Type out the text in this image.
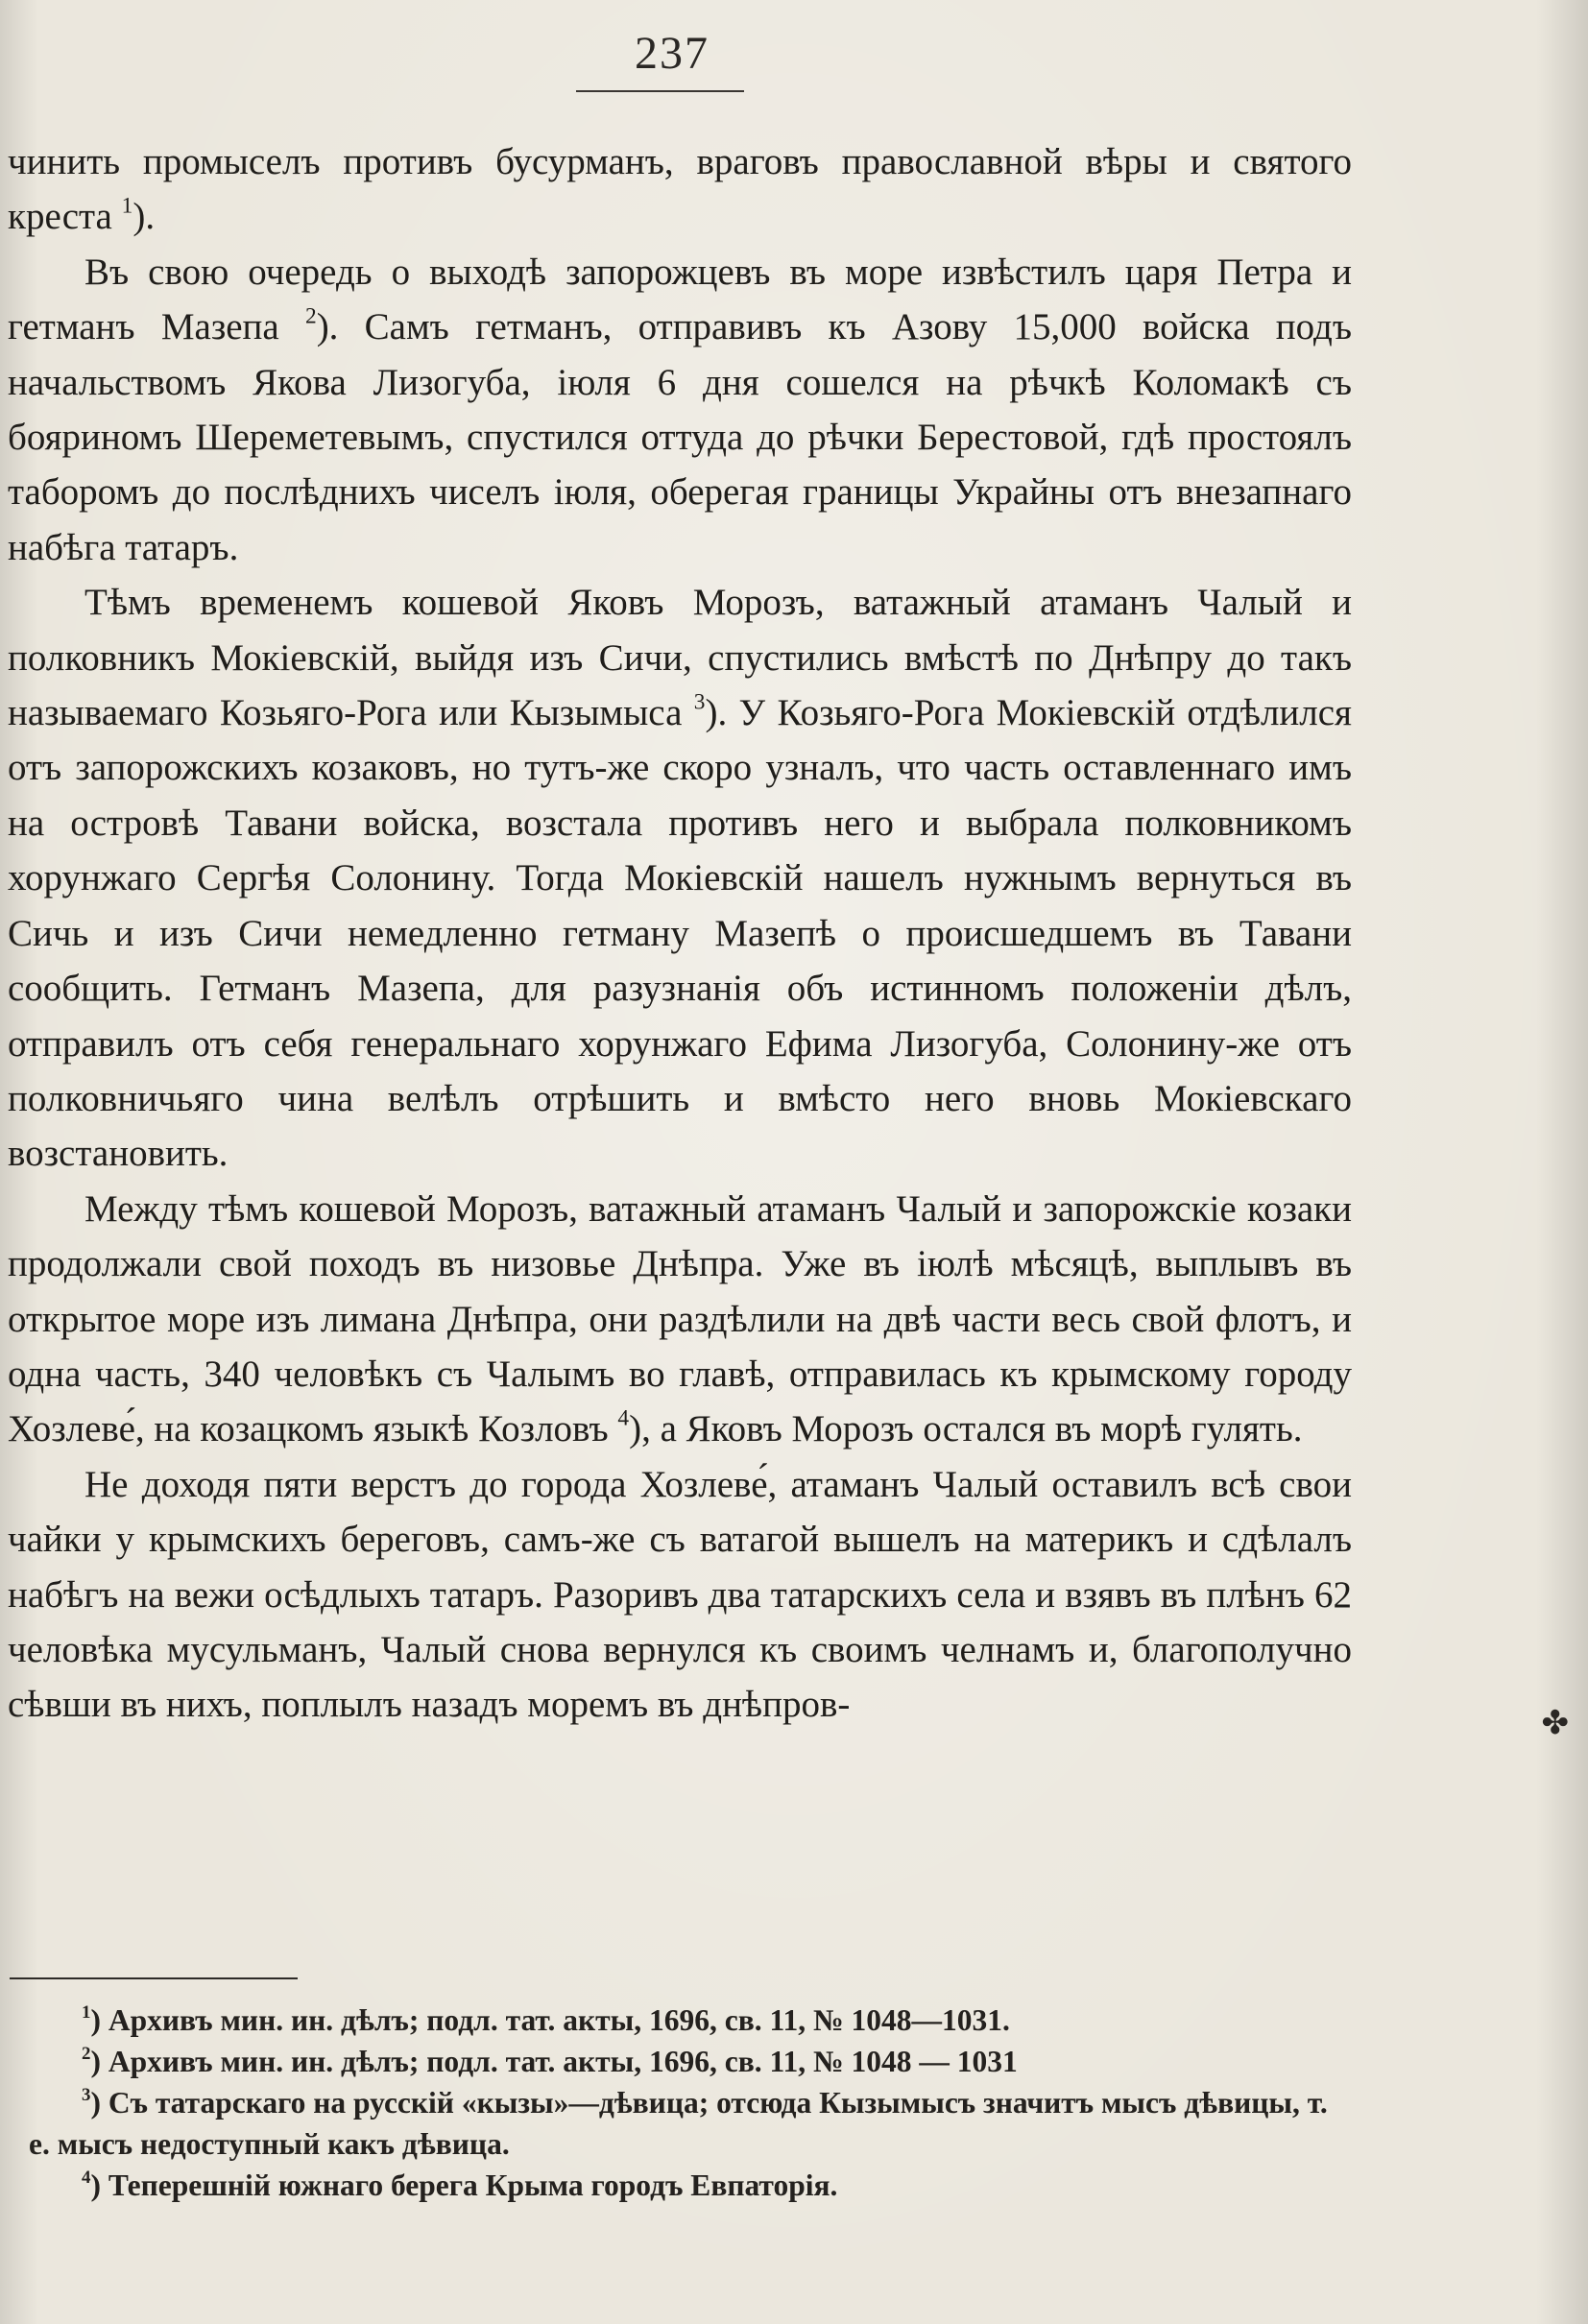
237

чинить промыселъ противъ бусурманъ, враговъ православной вѣры и святого креста $^1$).

Въ свою очередь о выходѣ запорожцевъ въ море извѣстилъ царя Петра и гетманъ Мазепа $^2$). Самъ гетманъ, отправивъ къ Азову 15,000 войска подъ начальствомъ Якова Лизогуба, іюля 6 дня сошелся на рѣчкѣ Коломакѣ съ бояриномъ Шереметевымъ, спустился оттуда до рѣчки Берестовой, гдѣ простоялъ таборомъ до послѣднихъ чиселъ іюля, оберегая границы Украйны отъ внезапнаго набѣга татаръ.

Тѣмъ временемъ кошевой Яковъ Морозъ, ватажный атаманъ Чалый и полковникъ Мокіевскій, выйдя изъ Сичи, спустились вмѣстѣ по Днѣпру до такъ называемаго Козьяго-Рога или Кызымыса $^3$). У Козьяго-Рога Мокіевскій отдѣлился отъ запорожскихъ козаковъ, но тутъ-же скоро узналъ, что часть оставленнаго имъ на островѣ Тавани войска, возстала противъ него и выбрала полковникомъ хорунжаго Сергѣя Солонину. Тогда Мокіевскій нашелъ нужнымъ вернуться въ Сичь и изъ Сичи немедленно гетману Мазепѣ о происшедшемъ въ Тавани сообщить. Гетманъ Мазепа, для разузнанія объ истинномъ положеніи дѣлъ, отправилъ отъ себя генеральнаго хорунжаго Ефима Лизогуба, Солонину-же отъ полковничьяго чина велѣлъ отрѣшить и вмѣсто него вновь Мокіевскаго возстановить.

Между тѣмъ кошевой Морозъ, ватажный атаманъ Чалый и запорожскіе козаки продолжали свой походъ въ низовье Днѣпра. Уже въ іюлѣ мѣсяцѣ, выплывъ въ открытое море изъ лимана Днѣпра, они раздѣлили на двѣ части весь свой флотъ, и одна часть, 340 человѣкъ съ Чалымъ во главѣ, отправилась къ крымскому городу Хозлеве́, на козацкомъ языкѣ Козловъ $^4$), а Яковъ Морозъ остался въ морѣ гулять.

Не доходя пяти верстъ до города Хозлеве́, атаманъ Чалый оставилъ всѣ свои чайки у крымскихъ береговъ, самъ-же съ ватагой вышелъ на материкъ и сдѣлалъ набѣгъ на вежи осѣдлыхъ татаръ. Разоривъ два татарскихъ села и взявъ въ плѣнъ 62 человѣка мусульманъ, Чалый снова вернулся къ своимъ челнамъ и, благополучно сѣвши въ нихъ, поплылъ назадъ моремъ въ днѣпров-

$^1$) Архивъ мин. ин. дѣлъ; подл. тат. акты, 1696, св. 11, № 1048—1031.

$^2$) Архивъ мин. ин. дѣлъ; подл. тат. акты, 1696, св. 11, № 1048 — 1031

$^3$) Съ татарскаго на русскій «кызы»—дѣвица; отсюда Кызымысъ значитъ мысъ дѣвицы, т. е. мысъ недоступный какъ дѣвица.

$^4$) Теперешній южнаго берега Крыма городъ Евпаторія.

✤
